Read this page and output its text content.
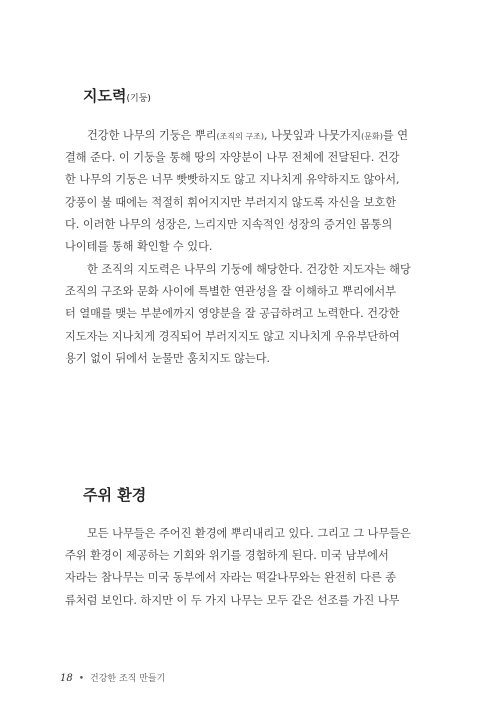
지도력(기둥)
건강한 나무의 기둥은 뿌리(조직의 구조), 나뭇잎과 나뭇가지(문화)를 연
결해 준다. 이 기둥을 통해 땅의 자양분이 나무 전체에 전달된다. 건강
한 나무의 기둥은 너무 빳빳하지도 않고 지나치게 유약하지도 않아서,
강풍이 불 때에는 적절히 휘어지지만 부러지지 않도록 자신을 보호한
다. 이러한 나무의 성장은, 느리지만 지속적인 성장의 증거인 몸통의
나이테를 통해 확인할 수 있다.
한 조직의 지도력은 나무의 기둥에 해당한다. 건강한 지도자는 해당
조직의 구조와 문화 사이에 특별한 연관성을 잘 이해하고 뿌리에서부
터 열매를 맺는 부분에까지 영양분을 잘 공급하려고 노력한다. 건강한
지도자는 지나치게 경직되어 부러지지도 않고 지나치게 우유부단하여
용기 없이 뒤에서 눈물만 훔치지도 않는다.
주위 환경
모든 나무들은 주어진 환경에 뿌리내리고 있다. 그리고 그 나무들은
주위 환경이 제공하는 기회와 위기를 경험하게 된다. 미국 남부에서
자라는 참나무는 미국 동부에서 자라는 떡갈나무와는 완전히 다른 종
류처럼 보인다. 하지만 이 두 가지 나무는 모두 같은 선조를 가진 나무
18 • 건강한 조직 만들기
